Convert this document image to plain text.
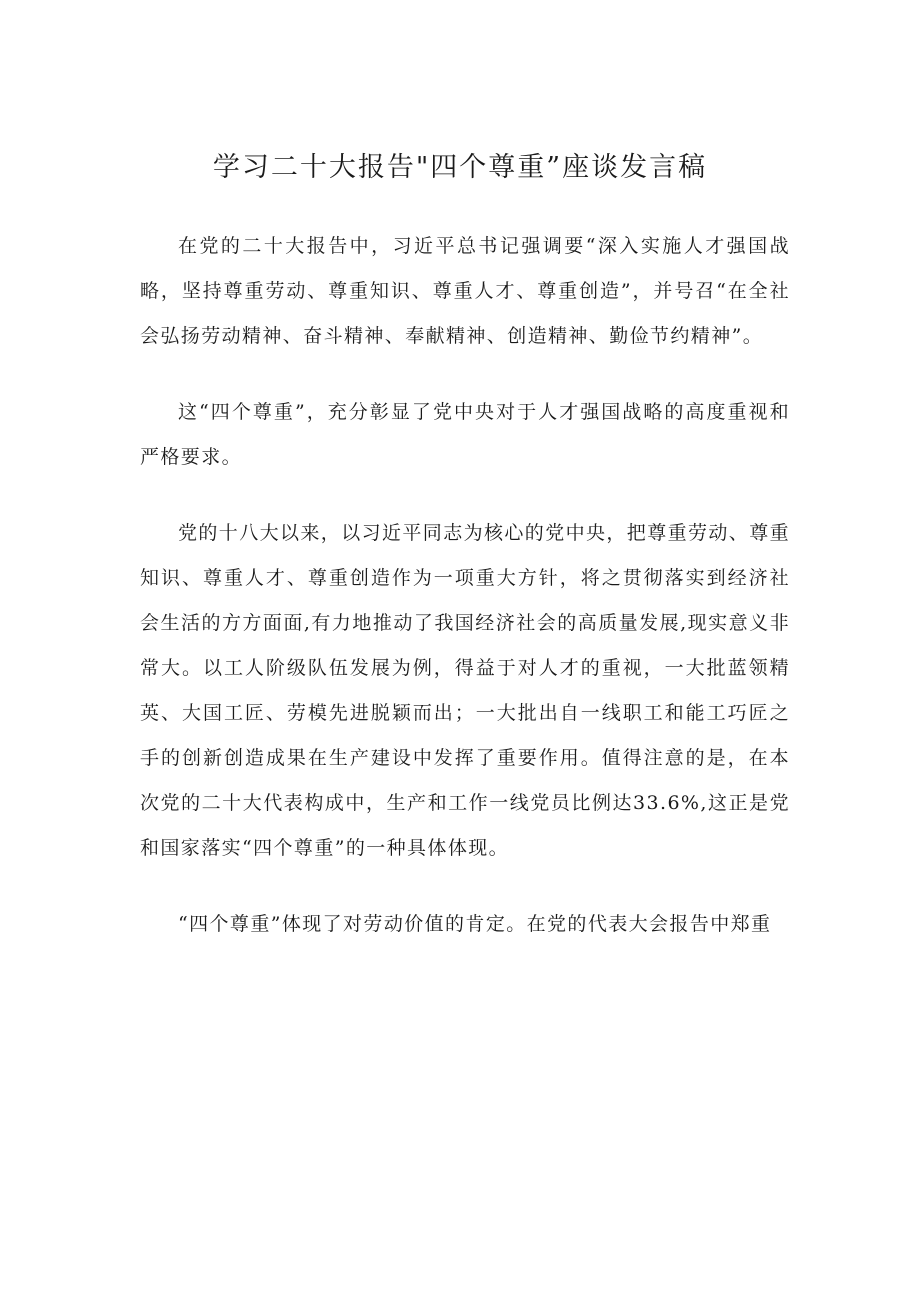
学习二十大报告"四个尊重”座谈发言稿

在党的二十大报告中，习近平总书记强调要“深入实施人才强国战略，坚持尊重劳动、尊重知识、尊重人才、尊重创造”，并号召“在全社会弘扬劳动精神、奋斗精神、奉献精神、创造精神、勤俭节约精神”。

这“四个尊重”，充分彰显了党中央对于人才强国战略的高度重视和严格要求。

党的十八大以来，以习近平同志为核心的党中央，把尊重劳动、尊重知识、尊重人才、尊重创造作为一项重大方针，将之贯彻落实到经济社会生活的方方面面,有力地推动了我国经济社会的高质量发展,现实意义非常大。以工人阶级队伍发展为例，得益于对人才的重视，一大批蓝领精英、大国工匠、劳模先进脱颖而出；一大批出自一线职工和能工巧匠之手的创新创造成果在生产建设中发挥了重要作用。值得注意的是，在本次党的二十大代表构成中，生产和工作一线党员比例达33.6%,这正是党和国家落实“四个尊重”的一种具体体现。

“四个尊重”体现了对劳动价值的肯定。在党的代表大会报告中郑重
